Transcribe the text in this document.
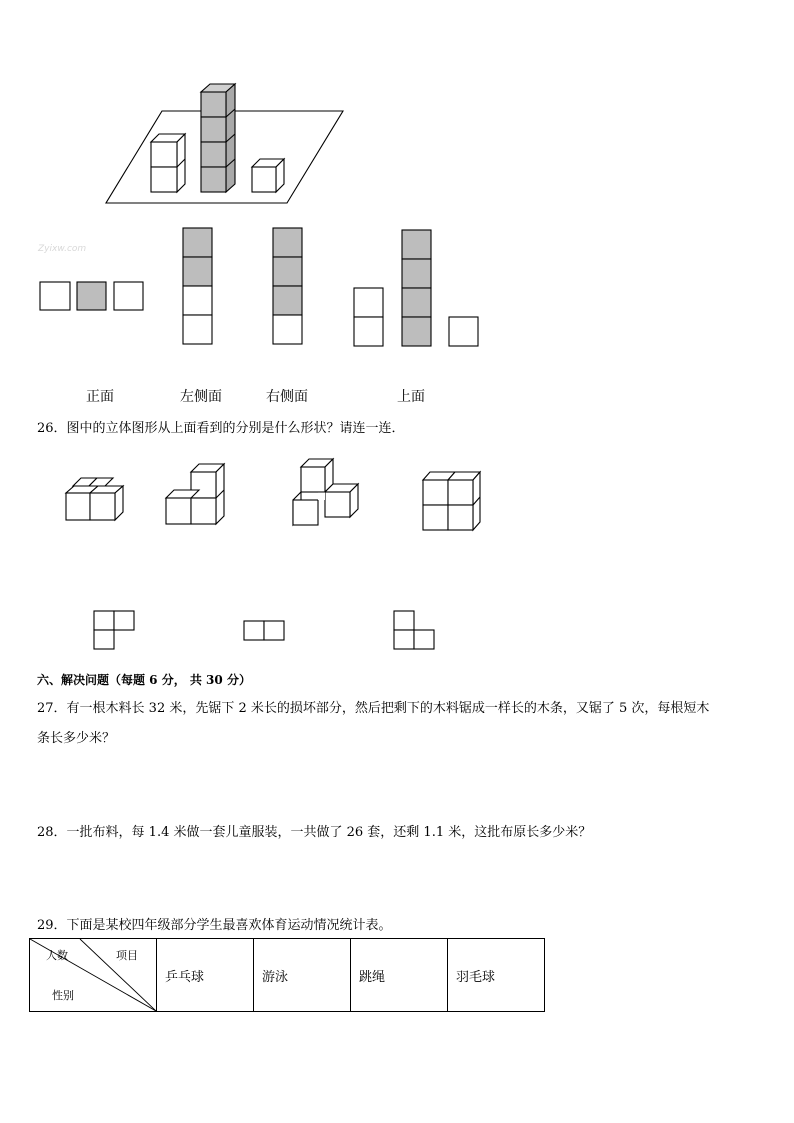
Zyixw.com
正面	左侧面	右侧面	上面
26．图中的立体图形从上面看到的分别是什么形状？请连一连．
六、解决问题（每题 6 分， 共 30 分）
27．有一根木料长 32 米，先锯下 2 米长的损坏部分，然后把剩下的木料锯成一样长的木条，又锯了 5 次，每根短木
条长多少米？
28．一批布料，每 1.4 米做一套儿童服装，一共做了 26 套，还剩 1.1 米，这批布原长多少米？
29．下面是某校四年级部分学生最喜欢体育运动情况统计表。
人数	项目
性别
	乒乓球	游泳	跳绳	羽毛球
